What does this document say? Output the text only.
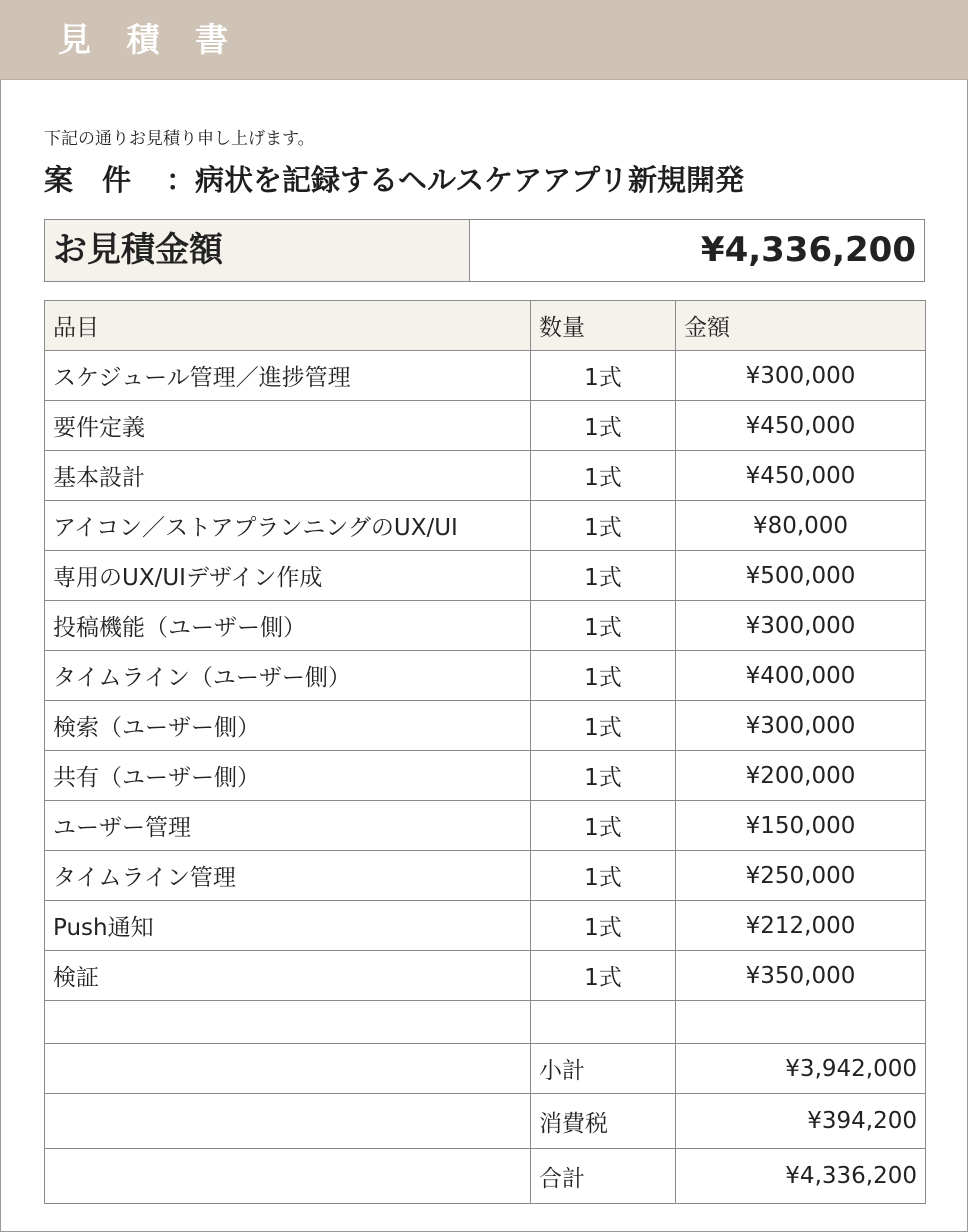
見 積 書
下記の通りお見積り申し上げます。
案　件 ：病状を記録するヘルスケアアプリ新規開発
お見積金額	¥4,336,200
品目	数量	金額
スケジュール管理／進捗管理	1式	¥300,000
要件定義	1式	¥450,000
基本設計	1式	¥450,000
アイコン／ストアプランニングのUX/UI	1式	¥80,000
専用のUX/UIデザイン作成	1式	¥500,000
投稿機能（ユーザー側）	1式	¥300,000
タイムライン（ユーザー側）	1式	¥400,000
検索（ユーザー側）	1式	¥300,000
共有（ユーザー側）	1式	¥200,000
ユーザー管理	1式	¥150,000
タイムライン管理	1式	¥250,000
Push通知	1式	¥212,000
検証	1式	¥350,000

	小計	¥3,942,000
	消費税	¥394,200
	合計	¥4,336,200
